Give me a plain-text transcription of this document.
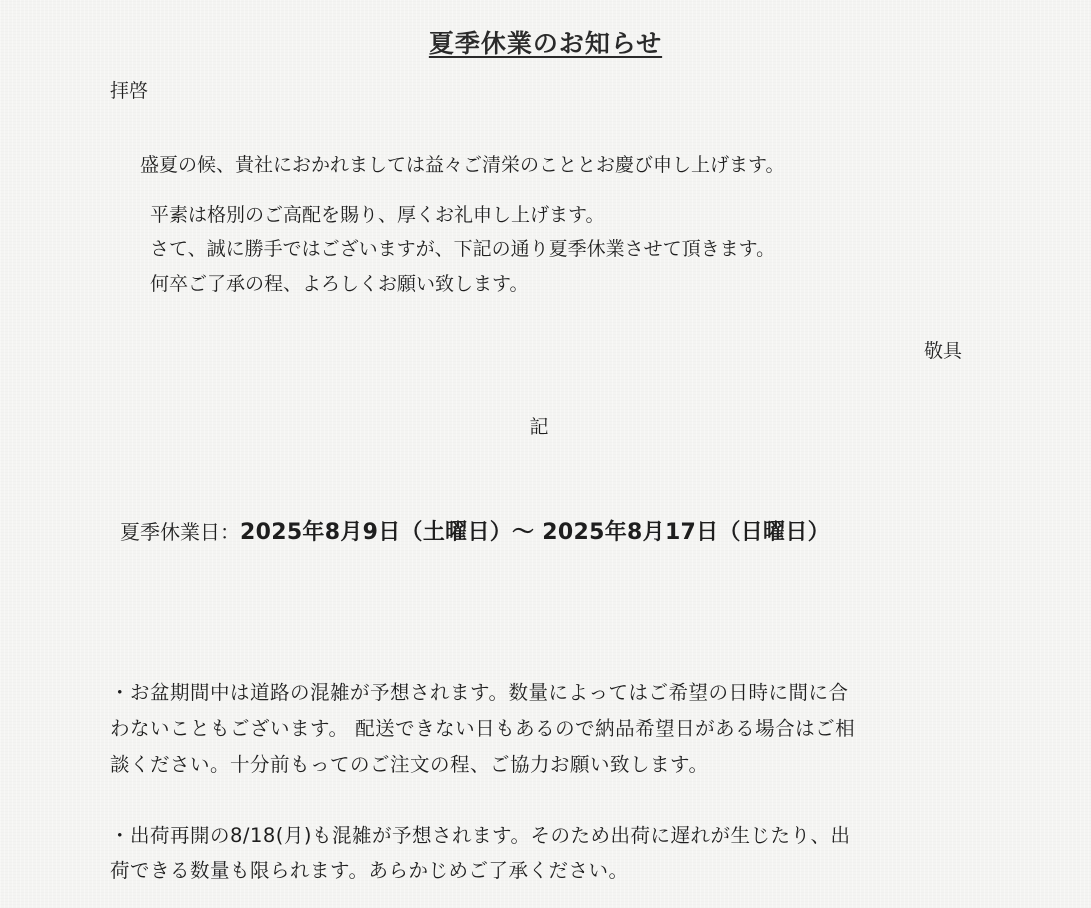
夏季休業のお知らせ

拝啓

盛夏の候、貴社におかれましては益々ご清栄のこととお慶び申し上げます。

平素は格別のご高配を賜り、厚くお礼申し上げます。

さて、誠に勝手ではございますが、下記の通り夏季休業させて頂きます。

何卒ご了承の程、よろしくお願い致します。

敬具

記

夏季休業日：2025年8月9日（土曜日）〜 2025年8月17日（日曜日）

・お盆期間中は道路の混雑が予想されます。数量によってはご希望の日時に間に合

わないこともございます。 配送できない日もあるので納品希望日がある場合はご相

談ください。十分前もってのご注文の程、ご協力お願い致します。

・出荷再開の8/18(月)も混雑が予想されます。そのため出荷に遅れが生じたり、出

荷できる数量も限られます。あらかじめご了承ください。
